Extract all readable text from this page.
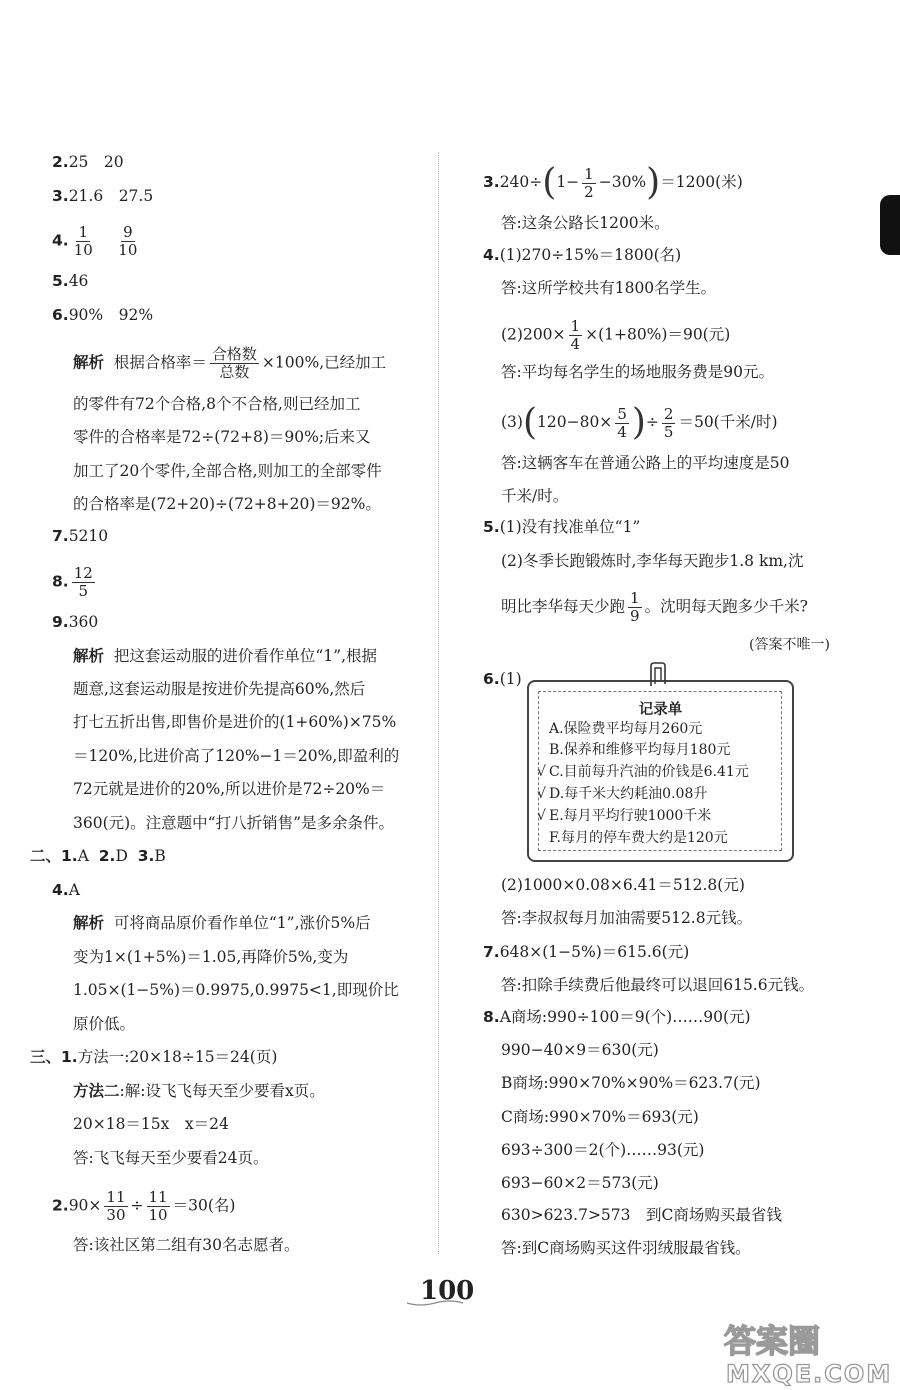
2.25　20
3.21.6　27.5
4. $\frac{1}{10}$
　 $\frac{9}{10}$
5.46
6.90%　92%
解析 根据合格率＝ $\frac{\text{合格数}}{\text{总数}} \times 100\%$,已经加工
的零件有72个合格,8个不合格,则已经加工
零件的合格率是72÷(72+8)＝90%;后来又
加工了20个零件,全部合格,则加工的全部零件
的合格率是(72+20)÷(72+8+20)＝92%。
7.5210
8. $\frac{12}{5}$
9.360
解析 把这套运动服的进价看作单位“1”,根据
题意,这套运动服是按进价先提高60%,然后
打七五折出售,即售价是进价的(1+60%)×75%
＝120%,比进价高了120%−1＝20%,即盈利的
72元就是进价的20%,所以进价是72÷20%＝
360(元)。注意题中“打八折销售”是多余条件。
二、1.A 2.D 3.B
4.A
解析 可将商品原价看作单位“1”,涨价5%后
变为1×(1+5%)＝1.05,再降价5%,变为
1.05×(1−5%)＝0.9975,0.9975<1,即现价比
原价低。
三、1.方法一:20×18÷15＝24(页)
方法二:解:设飞飞每天至少要看x页。
20×18＝15x　x＝24
答:飞飞每天至少要看24页。
$2.90\times \frac{11}{30} \div \frac{11}{10} =30$(名)
答:该社区第二组有30名志愿者。
$3.240\div(1- \frac{1}{2} -30\%)=1200$(米)
答:这条公路长1200米。
4.(1)270÷15%＝1800(名)
答:这所学校共有1800名学生。
$(2)200\times \frac{1}{4} \times(1+80\%)=90$(元)
答:平均每名学生的场地服务费是90元。
$(3)(120-80\times \frac{5}{4}$ )÷ $\frac{2}{5} =50$(千米/时)
答:这辆客车在普通公路上的平均速度是50
千米/时。
5.(1)没有找准单位“1”
(2)冬季长跑锻炼时,李华每天跑步1.8 km,沈
明比李华每天少跑 $\frac{1}{9}$ 。沈明每天跑多少千米?
(答案不唯一)
6.(1)
记录单
A.保险费平均每月260元
B.保养和维修平均每月180元
√ C.目前每升汽油的价钱是6.41元
√ D.每千米大约耗油0.08升
√ E.每月平均行驶1000千米
F.每月的停车费大约是120元
(2)1000×0.08×6.41＝512.8(元)
答:李叔叔每月加油需要512.8元钱。
7.648×(1−5%)＝615.6(元)
答:扣除手续费后他最终可以退回615.6元钱。
8.A商场:990÷100＝9(个)……90(元)
990−40×9＝630(元)
B商场:990×70%×90%＝623.7(元)
C商场:990×70%＝693(元)
693÷300＝2(个)……93(元)
693−60×2＝573(元)
630>623.7>573　到C商场购买最省钱
答:到C商场购买这件羽绒服最省钱。
100
答案圈
MXQE.COM
